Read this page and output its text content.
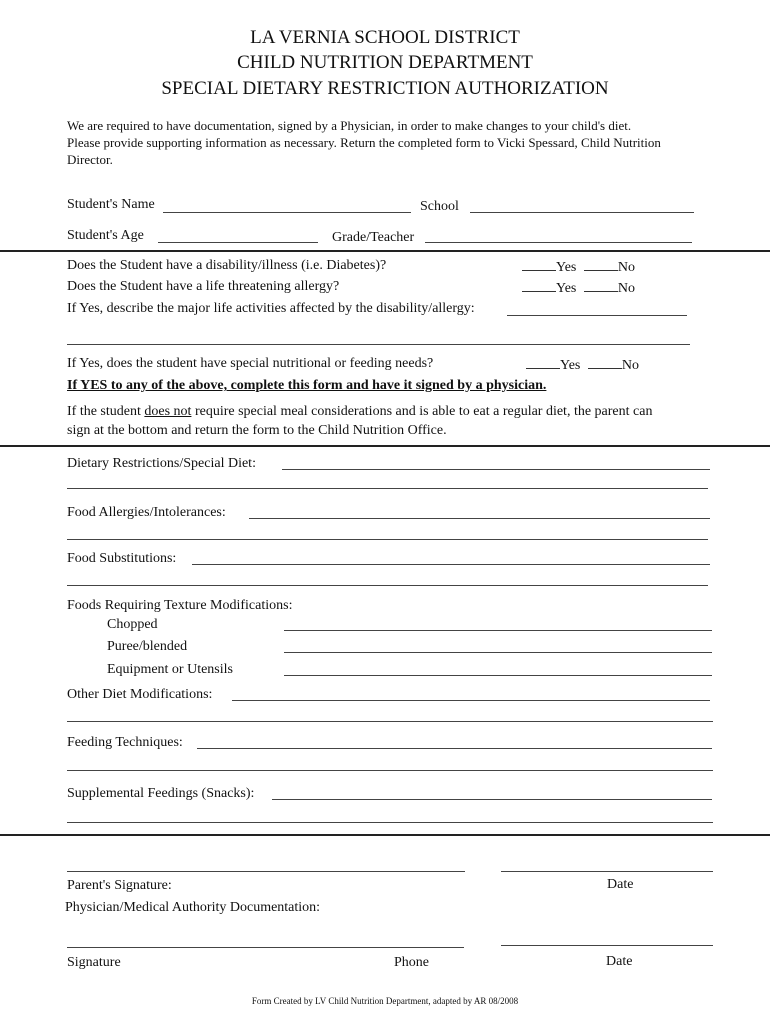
LA VERNIA SCHOOL DISTRICT
CHILD NUTRITION DEPARTMENT
SPECIAL DIETARY RESTRICTION AUTHORIZATION
We are required to have documentation, signed by a Physician, in order to make changes to your child's diet.
Please provide supporting information as necessary. Return the completed form to Vicki Spessard, Child Nutrition
Director.
Student's Name	School
Student's Age	Grade/Teacher
Does the Student have a disability/illness (i.e. Diabetes)?	Yes	No
Does the Student have a life threatening allergy?	Yes	No
If Yes, describe the major life activities affected by the disability/allergy:
If Yes, does the student have special nutritional or feeding needs?	Yes	No
If YES to any of the above, complete this form and have it signed by a physician.
If the student does not require special meal considerations and is able to eat a regular diet, the parent can
sign at the bottom and return the form to the Child Nutrition Office.
Dietary Restrictions/Special Diet:
Food Allergies/Intolerances:
Food Substitutions:
Foods Requiring Texture Modifications:
Chopped
Puree/blended
Equipment or Utensils
Other Diet Modifications:
Feeding Techniques:
Supplemental Feedings (Snacks):
Parent's Signature:	Date
Physician/Medical Authority Documentation:
Signature	Phone	Date
Form Created by LV Child Nutrition Department, adapted by AR 08/2008
